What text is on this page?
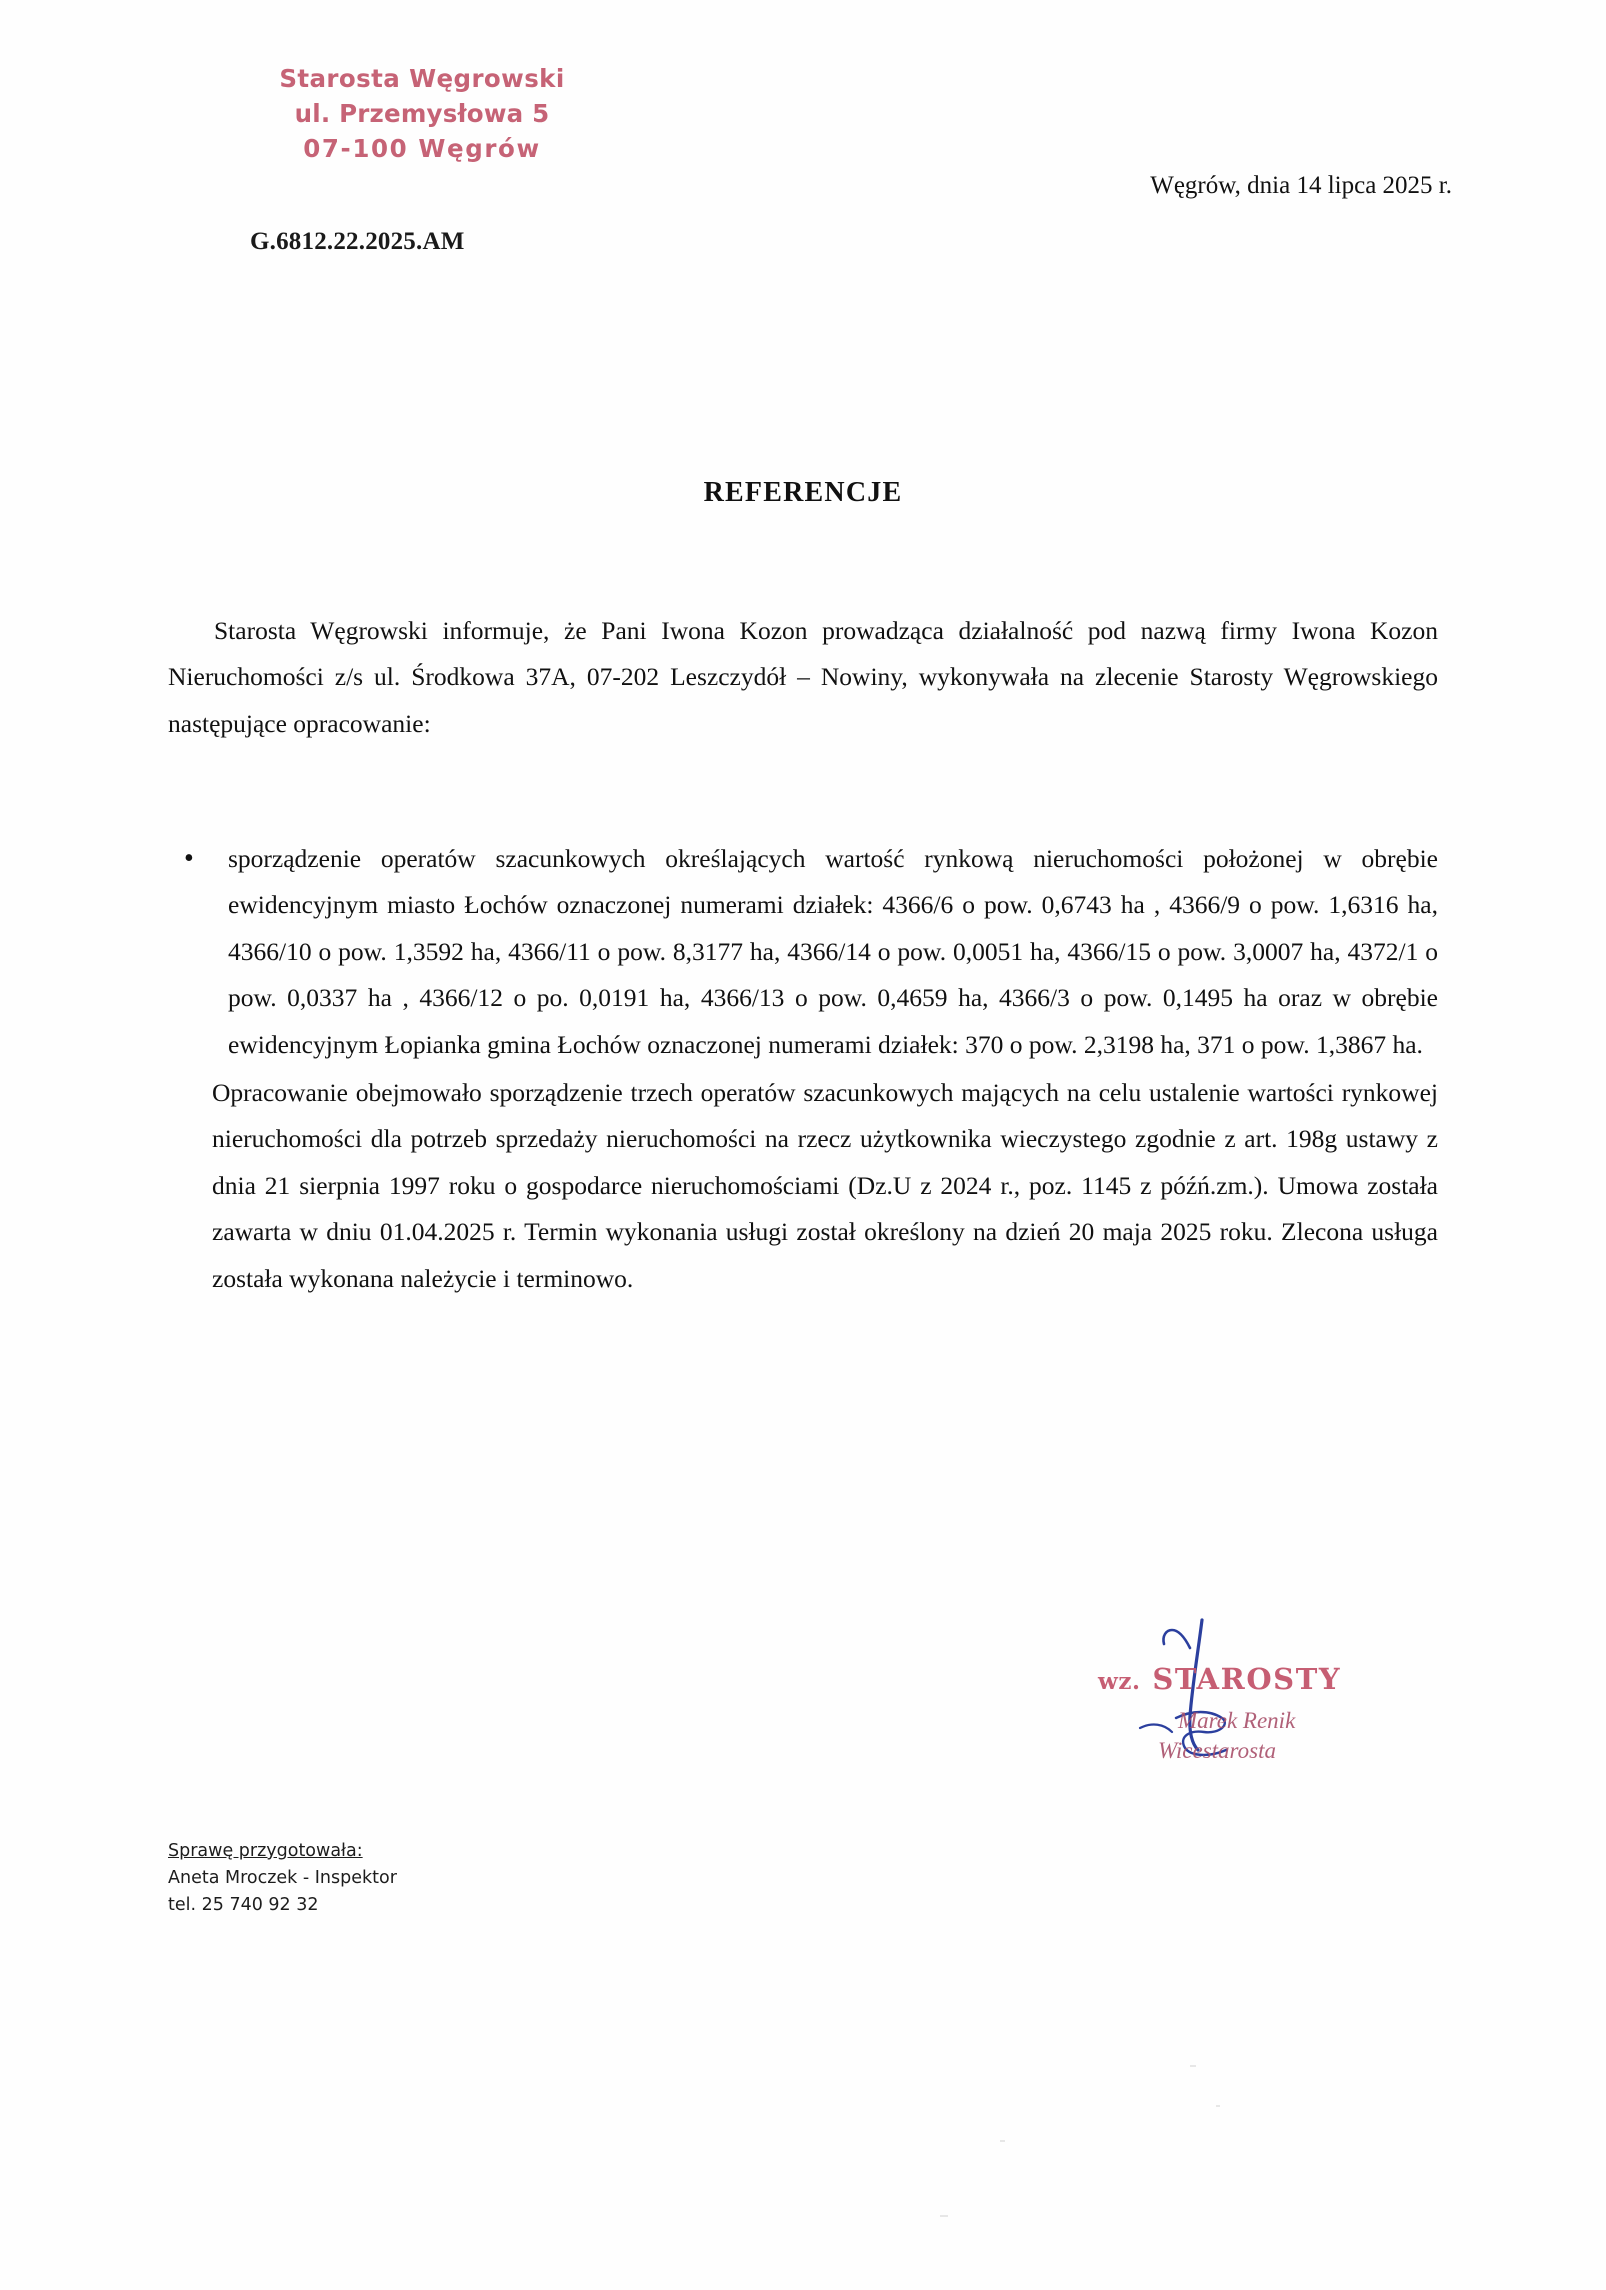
Starosta Węgrowski
ul. Przemysłowa 5
07-100 Węgrów
Węgrów, dnia 14 lipca 2025 r.
G.6812.22.2025.AM
REFERENCJE

Starosta Węgrowski informuje, że Pani Iwona Kozon prowadząca działalność pod nazwą firmy Iwona Kozon Nieruchomości z/s ul. Środkowa 37A, 07-202 Leszczydół – Nowiny, wykonywała na zlecenie Starosty Węgrowskiego następujące opracowanie:

•	sporządzenie operatów szacunkowych określających wartość rynkową nieruchomości położonej w obrębie ewidencyjnym miasto Łochów oznaczonej numerami działek: 4366/6 o pow. 0,6743 ha , 4366/9 o pow. 1,6316 ha, 4366/10 o pow. 1,3592 ha, 4366/11 o pow. 8,3177 ha, 4366/14 o pow. 0,0051 ha, 4366/15 o pow. 3,0007 ha, 4372/1 o pow. 0,0337 ha , 4366/12 o po. 0,0191 ha, 4366/13 o pow. 0,4659 ha, 4366/3 o pow. 0,1495 ha oraz w obrębie ewidencyjnym Łopianka gmina Łochów oznaczonej numerami działek: 370 o pow. 2,3198 ha, 371 o pow. 1,3867 ha.
Opracowanie obejmowało sporządzenie trzech operatów szacunkowych mających na celu ustalenie wartości rynkowej nieruchomości dla potrzeb sprzedaży nieruchomości na rzecz użytkownika wieczystego zgodnie z art. 198g ustawy z dnia 21 sierpnia 1997 roku o gospodarce nieruchomościami (Dz.U z 2024 r., poz. 1145 z późń.zm.). Umowa została zawarta w dniu 01.04.2025 r. Termin wykonania usługi został określony na dzień 20 maja 2025 roku. Zlecona usługa została wykonana należycie i terminowo.
wz. STAROSTY
Marek Renik
Wicestarosta
Sprawę przygotowała:
Aneta Mroczek - Inspektor
tel. 25 740 92 32
